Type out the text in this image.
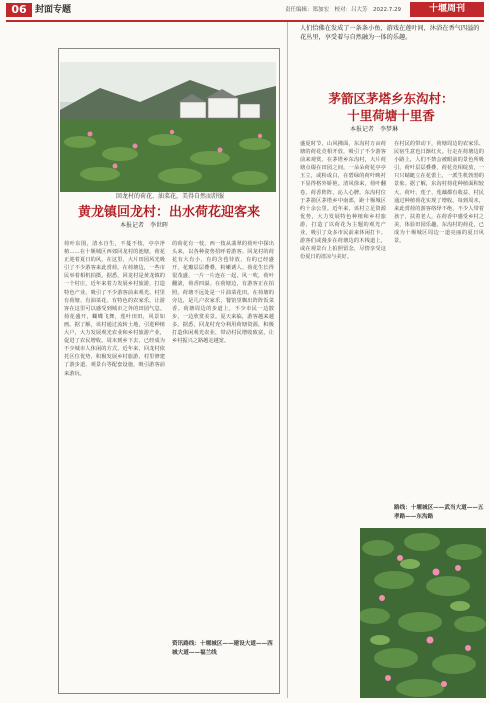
06 封面专题	责任编辑：郑加宏　校对：吕大芳　2022.7.29	十堰周刊
回龙村的荷花、油菜花，美得自然而舒服
黄龙镇回龙村：出水荷花迎客来
本报记者　李世晖
荷叶东围，清水自生，不蔓不枝，亭亭净植……在十堰城区西郊回龙村的池塘，荷花正迎着夏日的风，在这里，大片田园风光吸引了不少游客来此赏荷。在荷塘边，一些市民举着相机拍摄。据悉，回龙村是黄龙镇的一个村庄，近年来着力发展乡村旅游，打造特色产业，吸引了不少游客前来观光。村里有荷塘、有油菜花、有特色的农家乐，让游客在这里可以感受到城市之外的田园气息。荷花盛开，蝴蝶飞舞，莲叶田田，风景如画。据了解，该村通过流转土地，引进种植大户，大力发展观光农业和乡村旅游产业，促进了农民增收。周末到乡下去，已经成为不少城市人休闲的方式。近年来，回龙村依托区位优势，积极发展乡村旅游，村里修建了游步道、观景台等配套设施，吸引游客前来游玩。
的荷花有一枝，西一枝从翡翠的荷叶中探出头来，以各种姿势招呼着游客。回龙村的荷花有大有小，有的含苞待放，有的已经盛开，花瓣层层叠叠，粉嫩诱人。荷花生长得很茂盛，一片一片连在一起，风一吹，荷叶翻滚，荷香四溢。在荷塘边，有游客正在拍照。荷塘不远处是一片油菜花田。在荷塘的旁边，是几户农家乐，餐馆里飘出阵阵饭菜香。荷塘周边的步道上，不少市民一边散步，一边欣赏美景。夏天来临，游客越来越多。据悉，回龙村充分利用荷塘资源，积极打造休闲观光农业，带动村民增收致富，让乡村振兴之路越走越宽。
资讯路线：十堰城区——建设大道——西城大道——福兰线
人们恰佛在发成了一条条小鱼，游戏在莲叶间，沐浴在香气四溢的花丛里，享受着与自然融为一体的乐趣。
茅箭区茅塔乡东沟村：
十里荷塘十里香
本报记者　李梦琳
盛夏时节，山风拂面，东沟村万亩荷塘的荷花竞相开放，吸引了不少游客前来观赏。在茅塔乡东沟村，大片荷塘点缀在田园之间，一朵朵荷花亭亭玉立，或粉或白，在碧绿的荷叶映衬下显得格外娇艳。清风徐来，荷叶翻卷，荷香阵阵，沁人心脾。东沟村位于茅箭区茅塔乡中南部，距十堰城区约十余公里。近年来，该村立足资源优势，大力发展特色种植和乡村旅游，打造了以荷花为主题的观光产业，吸引了众多市民前来休闲打卡。游客们或漫步在荷塘边的木栈道上，或在观景台上拍照留念，尽情享受这份夏日的清凉与美好。
在村民的带动下，荷塘周边的农家乐、民宿生意也日渐红火。行走在荷塘边的小路上，人们不禁会被眼前的景色所吸引，荷叶层层叠叠，荷花竞相绽放，一只只蜻蜓立在花蕾上，一派生机勃勃的景象。据了解，东沟村荷花种植面积较大，荷叶、莲子、莲藕都有收益，村民通过种植荷花实现了增收。每到周末，来此赏荷的游客络绎不绝，不少人带着孩子、扶着老人，在荷香中感受乡村之美，体验田园乐趣。东沟村的荷花，已成为十堰城区周边一道亮丽的夏日风景。
路线：十堰城区——武当大道——五孝路——东沟路
